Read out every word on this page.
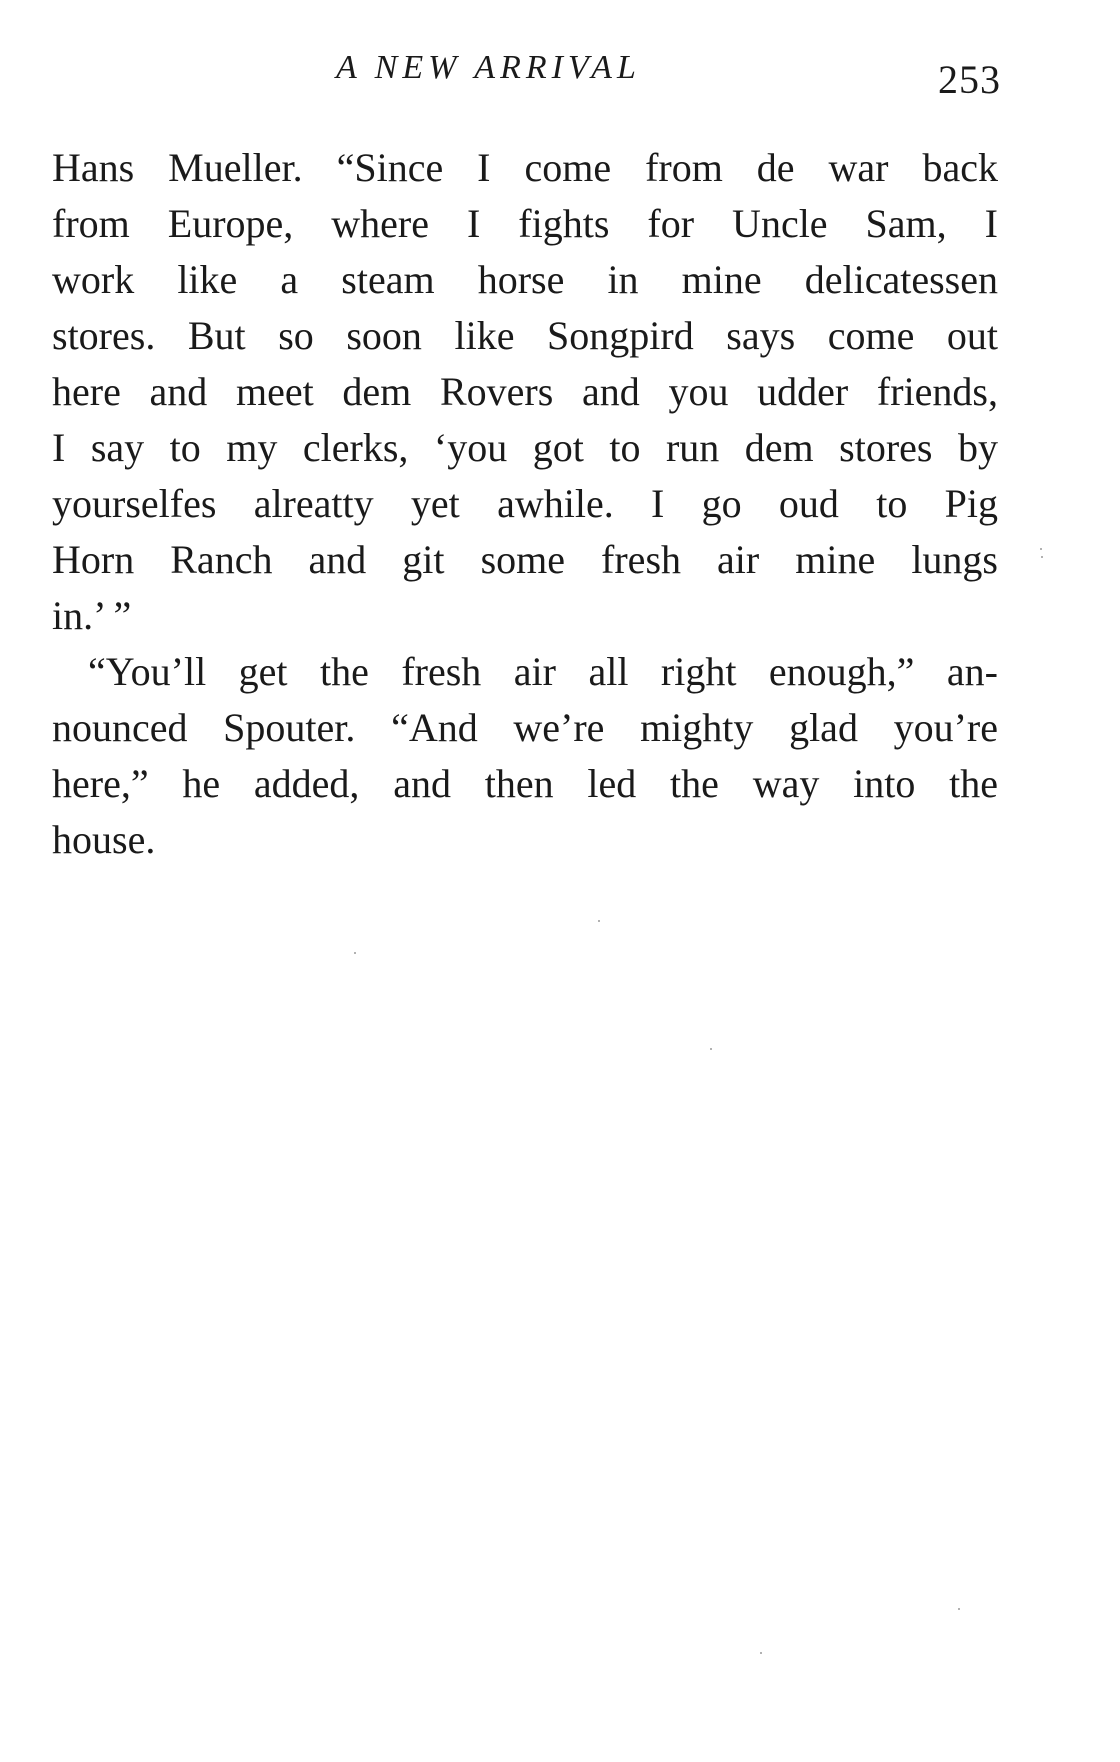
A NEW ARRIVAL	253
Hans Mueller. “Since I come from de war back
from Europe, where I fights for Uncle Sam, I
work like a steam horse in mine delicatessen
stores. But so soon like Songpird says come out
here and meet dem Rovers and you udder friends,
I say to my clerks, ‘you got to run dem stores by
yourselfes alreatty yet awhile. I go oud to Pig
Horn Ranch and git some fresh air mine lungs
in.’ ”
“You’ll get the fresh air all right enough,” an-
nounced Spouter. “And we’re mighty glad you’re
here,” he added, and then led the way into the
house.
